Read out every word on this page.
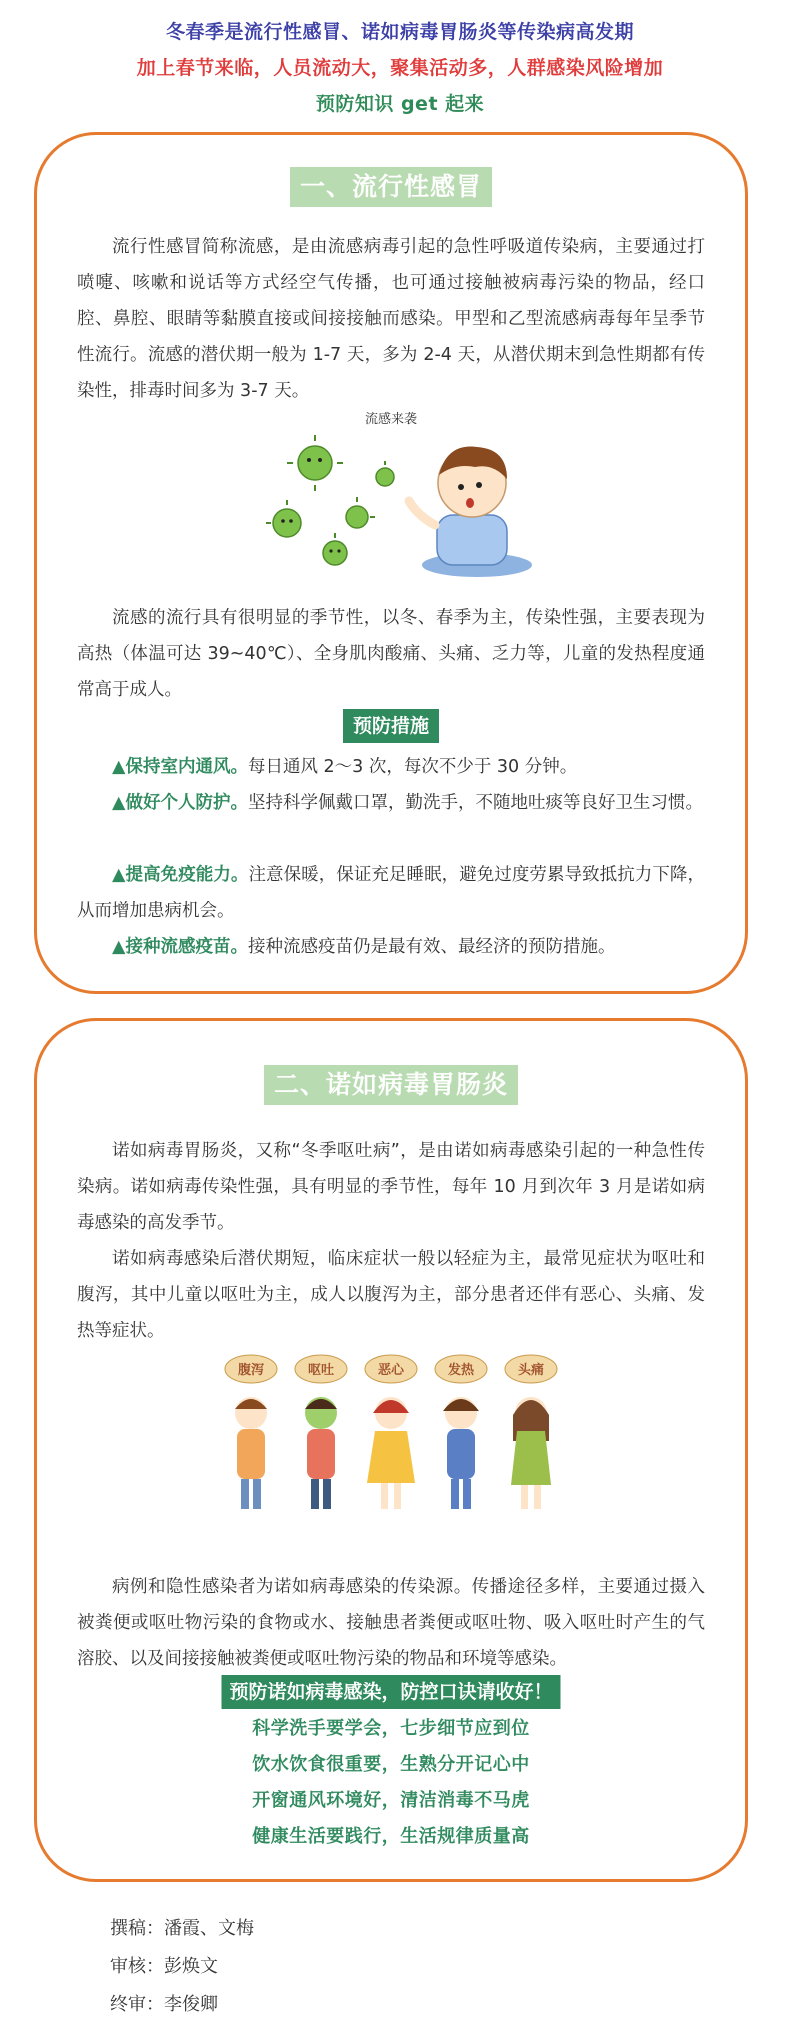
冬春季是流行性感冒、诺如病毒胃肠炎等传染病高发期
加上春节来临，人员流动大，聚集活动多，人群感染风险增加
预防知识 get 起来
一、流行性感冒

流行性感冒简称流感，是由流感病毒引起的急性呼吸道传染病，主要通过打喷嚏、咳嗽和说话等方式经空气传播，也可通过接触被病毒污染的物品，经口腔、鼻腔、眼睛等黏膜直接或间接接触而感染。甲型和乙型流感病毒每年呈季节性流行。流感的潜伏期一般为 1-7 天，多为 2-4 天，从潜伏期末到急性期都有传染性，排毒时间多为 3-7 天。

流感来袭

流感的流行具有很明显的季节性，以冬、春季为主，传染性强，主要表现为高热（体温可达 39~40℃）、全身肌肉酸痛、头痛、乏力等，儿童的发热程度通常高于成人。

预防措施

▲保持室内通风。每日通风 2～3 次，每次不少于 30 分钟。

▲做好个人防护。坚持科学佩戴口罩，勤洗手，不随地吐痰等良好卫生习惯。

▲提高免疫能力。注意保暖，保证充足睡眠，避免过度劳累导致抵抗力下降，从而增加患病机会。

▲接种流感疫苗。接种流感疫苗仍是最有效、最经济的预防措施。

二、诺如病毒胃肠炎

诺如病毒胃肠炎，又称“冬季呕吐病”，是由诺如病毒感染引起的一种急性传染病。诺如病毒传染性强，具有明显的季节性，每年 10 月到次年 3 月是诺如病毒感染的高发季节。

诺如病毒感染后潜伏期短，临床症状一般以轻症为主，最常见症状为呕吐和腹泻，其中儿童以呕吐为主，成人以腹泻为主，部分患者还伴有恶心、头痛、发热等症状。

腹泻	呕吐	恶心	发热	头痛

病例和隐性感染者为诺如病毒感染的传染源。传播途径多样，主要通过摄入被粪便或呕吐物污染的食物或水、接触患者粪便或呕吐物、吸入呕吐时产生的气溶胶、以及间接接触被粪便或呕吐物污染的物品和环境等感染。

预防诺如病毒感染，防控口诀请收好！
科学洗手要学会，七步细节应到位
饮水饮食很重要，生熟分开记心中
开窗通风环境好，清洁消毒不马虎
健康生活要践行，生活规律质量高
撰稿：潘霞、文梅
审核：彭焕文
终审：李俊卿
